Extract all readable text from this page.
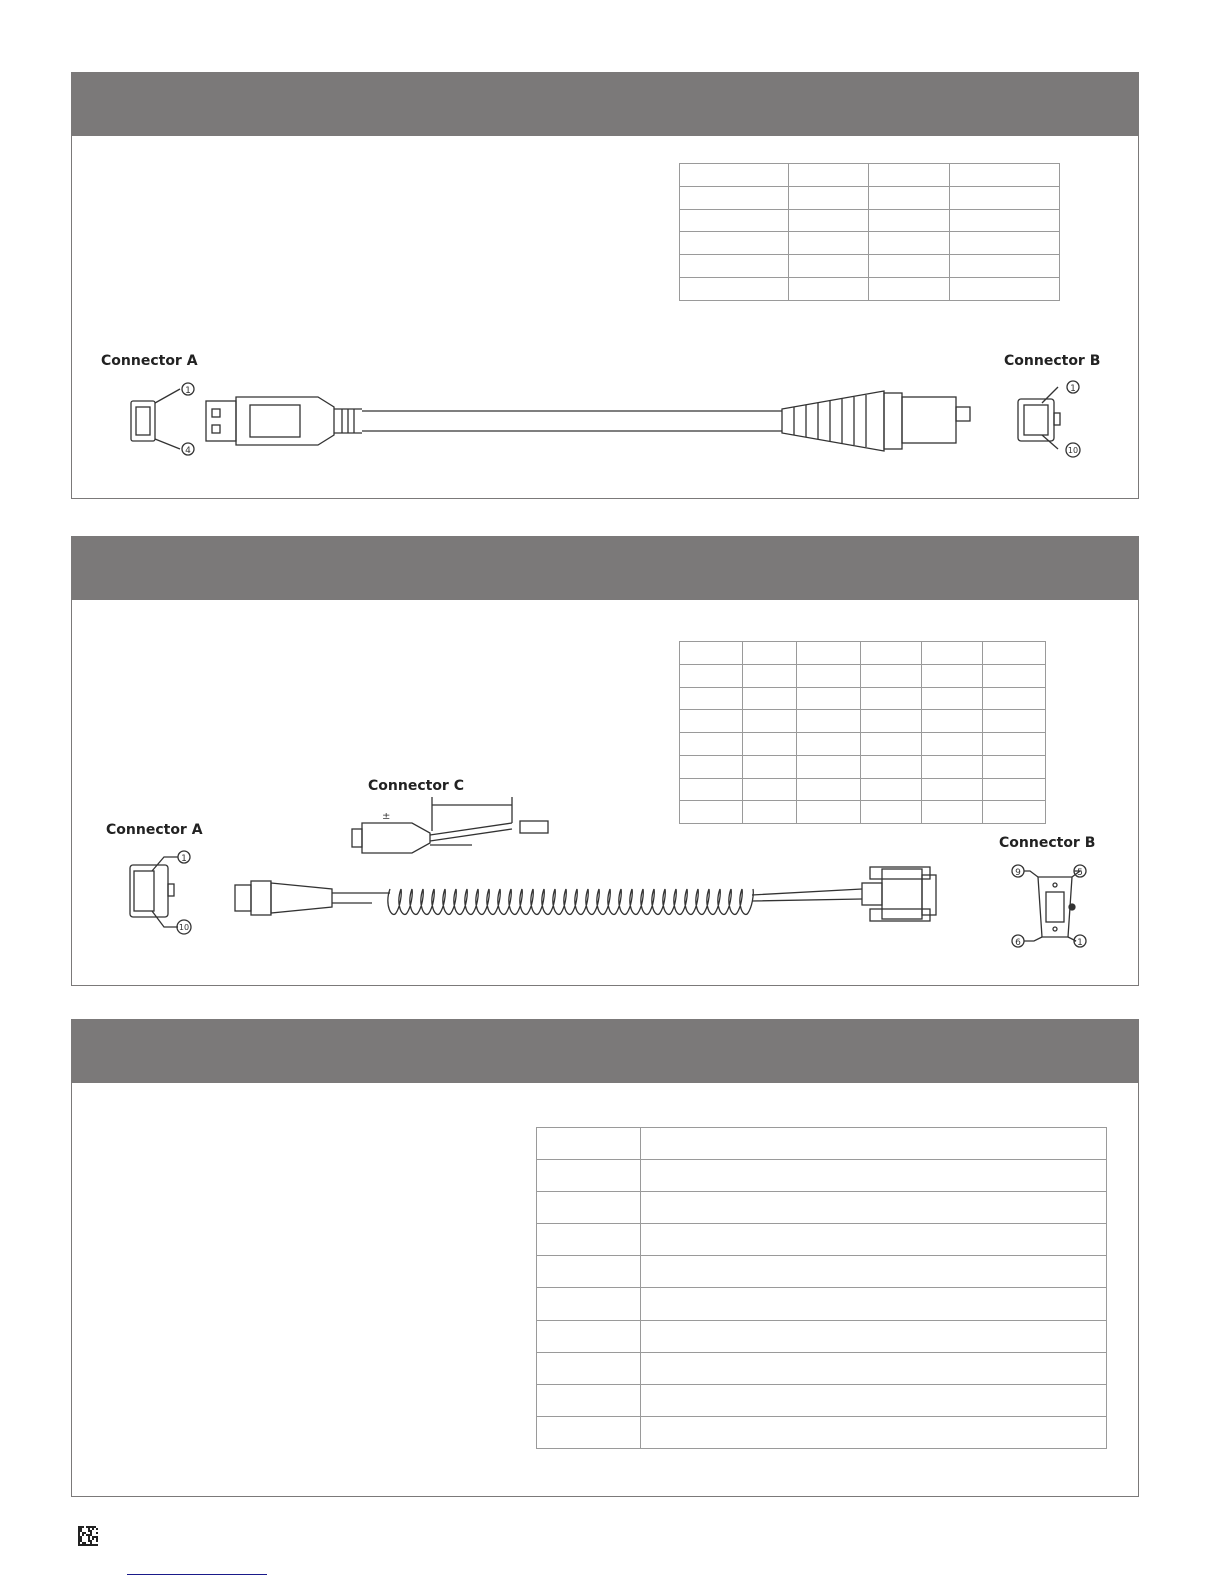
Connector A	Connector B
1
4
1
10

Connector A
Connector C
Connector B
1
10
±
9	5
6	1
